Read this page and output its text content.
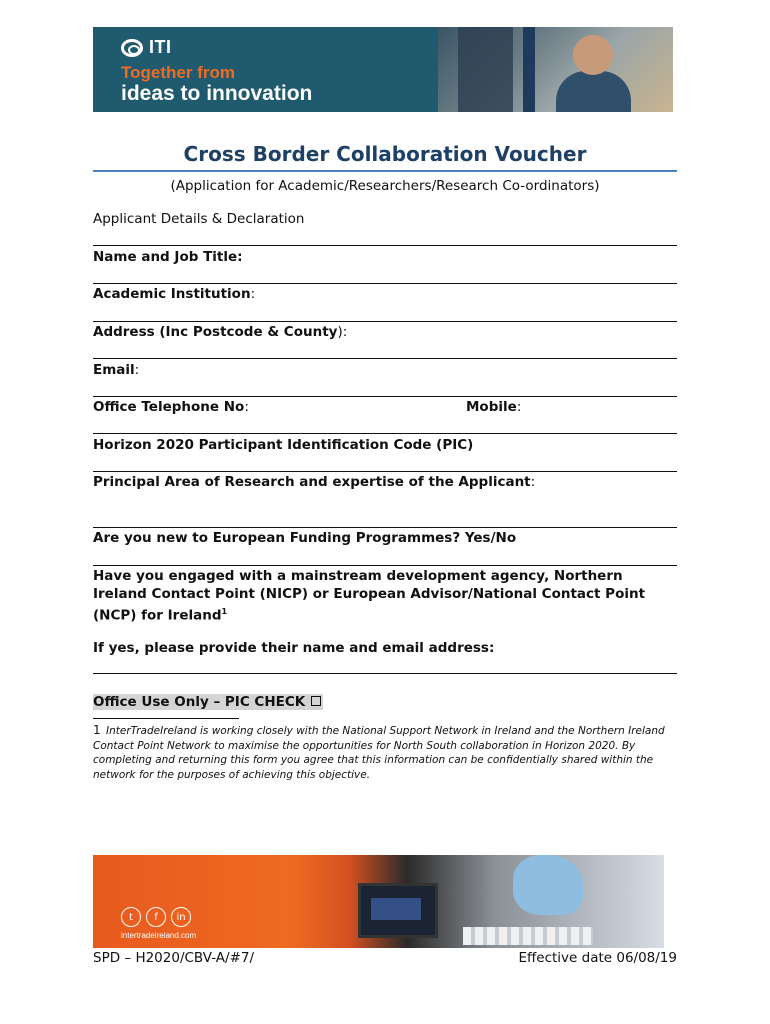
ITI
Together from
ideas to innovation
Cross Border Collaboration Voucher
(Application for Academic/Researchers/Research Co-ordinators)
Applicant Details & Declaration
Name and Job Title:
Academic Institution:
Address (Inc Postcode & County):
Email:
Office Telephone No:	Mobile:
Horizon 2020 Participant Identification Code (PIC)
Principal Area of Research and expertise of the Applicant:
Are you new to European Funding Programmes? Yes/No
Have you engaged with a mainstream development agency, Northern
Ireland Contact Point (NICP) or European Advisor/National Contact Point
(NCP) for Ireland$^1$
If yes, please provide their name and email address:
Office Use Only – PIC CHECK
1 InterTradeIreland is working closely with the National Support Network in Ireland and the Northern Ireland Contact Point Network to maximise the opportunities for North South collaboration in Horizon 2020. By completing and returning this form you agree that this information can be confidentially shared within the network for the purposes of achieving this objective.
t	f	in
intertradeireland.com
SPD – H2020/CBV-A/#7/	Effective date 06/08/19
